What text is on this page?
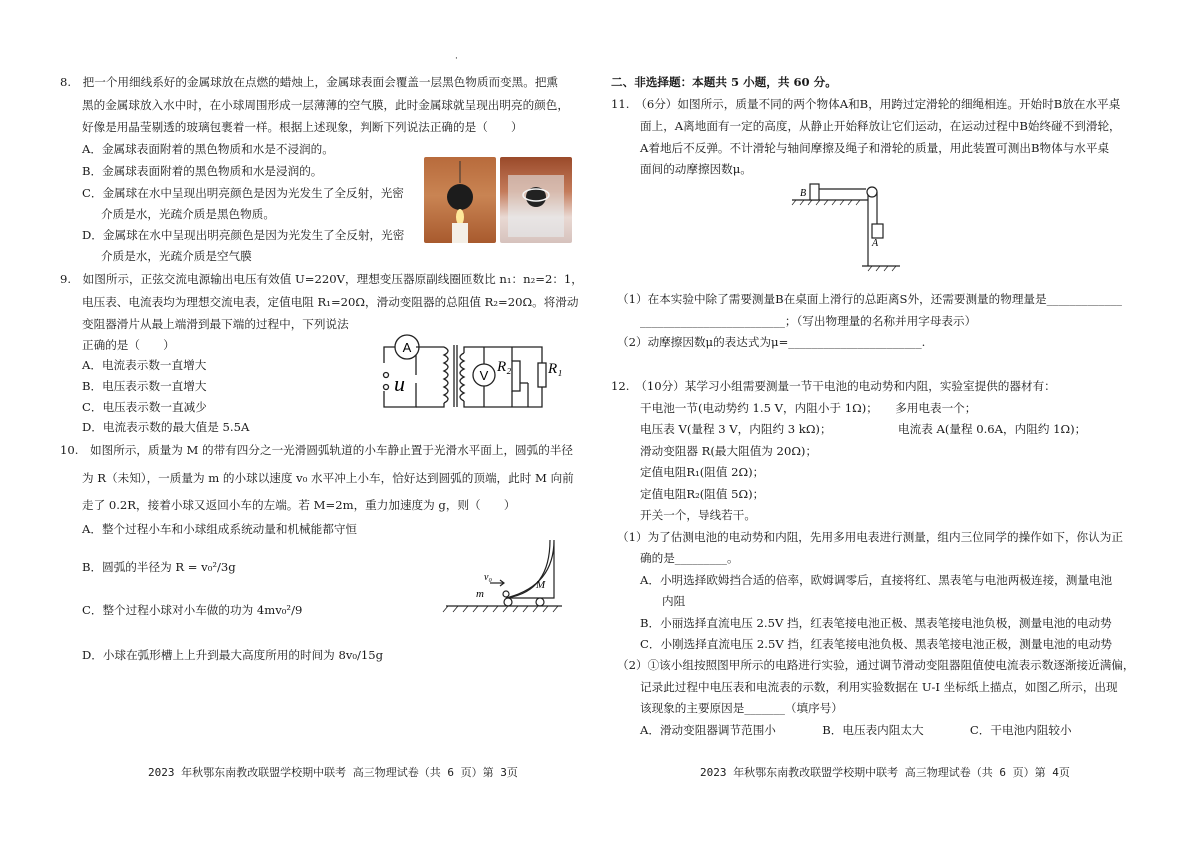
·
8.　把一个用细线系好的金属球放在点燃的蜡烛上，金属球表面会覆盖一层黑色物质而变黑。把熏
黑的金属球放入水中时，在小球周围形成一层薄薄的空气膜，此时金属球就呈现出明亮的颜色，
好像是用晶莹剔透的玻璃包裹着一样。根据上述现象，判断下列说法正确的是（　　）
A．金属球表面附着的黑色物质和水是不浸润的。
B．金属球表面附着的黑色物质和水是浸润的。
C．金属球在水中呈现出明亮颜色是因为光发生了全反射，光密
介质是水，光疏介质是黑色物质。
D．金属球在水中呈现出明亮颜色是因为光发生了全反射，光密
介质是水，光疏介质是空气膜
9.　如图所示，正弦交流电源输出电压有效值 U=220V，理想变压器原副线圈匝数比 n₁：n₂=2：1，
电压表、电流表均为理想交流电表，定值电阻 R₁=20Ω，滑动变阻器的总阻值 R₂=20Ω。将滑动
变阻器滑片从最上端滑到最下端的过程中，下列说法
正确的是（　　）
A．电流表示数一直增大
B．电压表示数一直增大
C．电压表示数一直减少
D．电流表示数的最大值是 5.5A
A
V
u
R₂ R₁
10.　如图所示，质量为 M 的带有四分之一光滑圆弧轨道的小车静止置于光滑水平面上，圆弧的半径
为 R（未知），一质量为 m 的小球以速度 v₀ 水平冲上小车，恰好达到圆弧的顶端，此时 M 向前
走了 0.2R，接着小球又返回小车的左端。若 M=2m，重力加速度为 g，则（　　）
A．整个过程小车和小球组成系统动量和机械能都守恒
B．圆弧的半径为 R = v₀²/3g
C．整个过程小球对小车做的功为 4mv₀²/9
D．小球在弧形槽上上升到最大高度所用的时间为 8v₀/15g
v₀
m
M
2023 年秋鄂东南教改联盟学校期中联考 高三物理试卷（共 6 页）第 3页
二、非选择题：本题共 5 小题，共 60 分。
11.　（6分）如图所示，质量不同的两个物体A和B，用跨过定滑轮的细绳相连。开始时B放在水平桌
面上，A离地面有一定的高度，从静止开始释放让它们运动，在运动过程中B始终碰不到滑轮，
A着地后不反弹。不计滑轮与轴间摩擦及绳子和滑轮的质量，用此装置可测出B物体与水平桌
面间的动摩擦因数μ。
B
A
（1）在本实验中除了需要测量B在桌面上滑行的总距离S外，还需要测量的物理量是_____________
_________________________；（写出物理量的名称并用字母表示）
（2）动摩擦因数μ的表达式为μ=_______________________.
12.　（10分）某学习小组需要测量一节干电池的电动势和内阻，实验室提供的器材有：
干电池一节(电动势约 1.5 V，内阻小于 1Ω)；　　多用电表一个；
电压表 V(量程 3 V，内阻约 3 kΩ)；	电流表 A(量程 0.6A，内阻约 1Ω)；
滑动变阻器 R(最大阻值为 20Ω)；
定值电阻R₁(阻值 2Ω)；
定值电阻R₂(阻值 5Ω)；
开关一个，导线若干。
（1）为了估测电池的电动势和内阻，先用多用电表进行测量，组内三位同学的操作如下，你认为正
确的是_________。
A．小明选择欧姆挡合适的倍率，欧姆调零后，直接将红、黑表笔与电池两极连接，测量电池
内阻
B．小丽选择直流电压 2.5V 挡，红表笔接电池正极、黑表笔接电池负极，测量电池的电动势
C．小刚选择直流电压 2.5V 挡，红表笔接电池负极、黑表笔接电池正极，测量电池的电动势
（2）①该小组按照图甲所示的电路进行实验，通过调节滑动变阻器阻值使电流表示数逐渐接近满偏，
记录此过程中电压表和电流表的示数，利用实验数据在 U-I 坐标纸上描点，如图乙所示，出现
该现象的主要原因是_______（填序号）
A．滑动变阻器调节范围小　　　　B．电压表内阻太大　　　　C．干电池内阻较小
2023 年秋鄂东南教改联盟学校期中联考 高三物理试卷（共 6 页）第 4页
